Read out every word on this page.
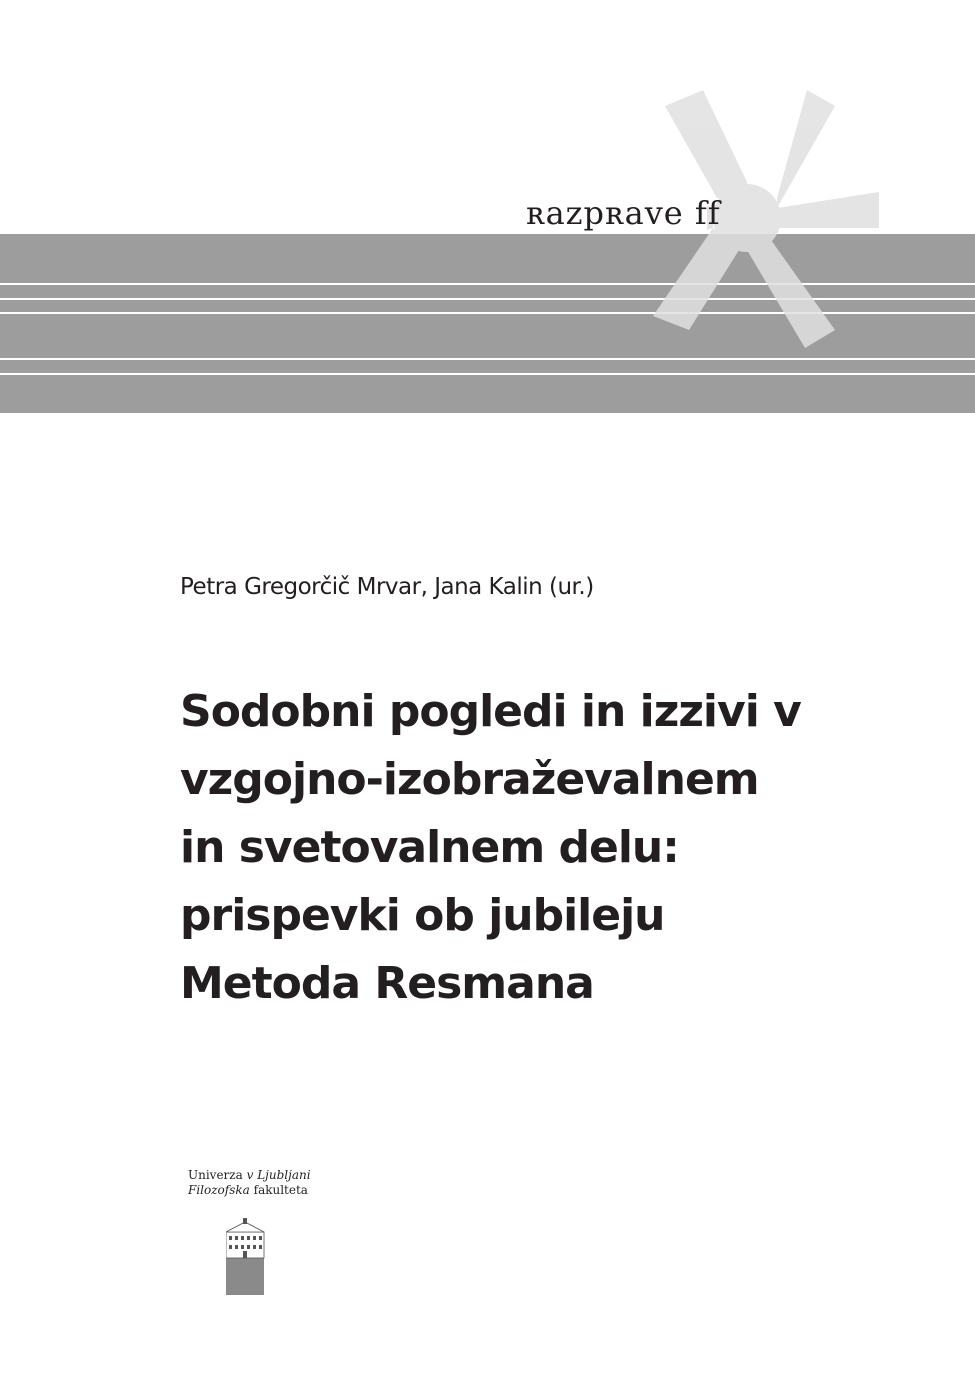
ʀazpʀave ff
Petra Gregorčič Mrvar, Jana Kalin (ur.)
Sodobni pogledi in izzivi v
vzgojno-izobraževalnem
in svetovalnem delu:
prispevki ob jubileju
Metoda Resmana
Univerza v Ljubljani
Filozofska fakulteta
